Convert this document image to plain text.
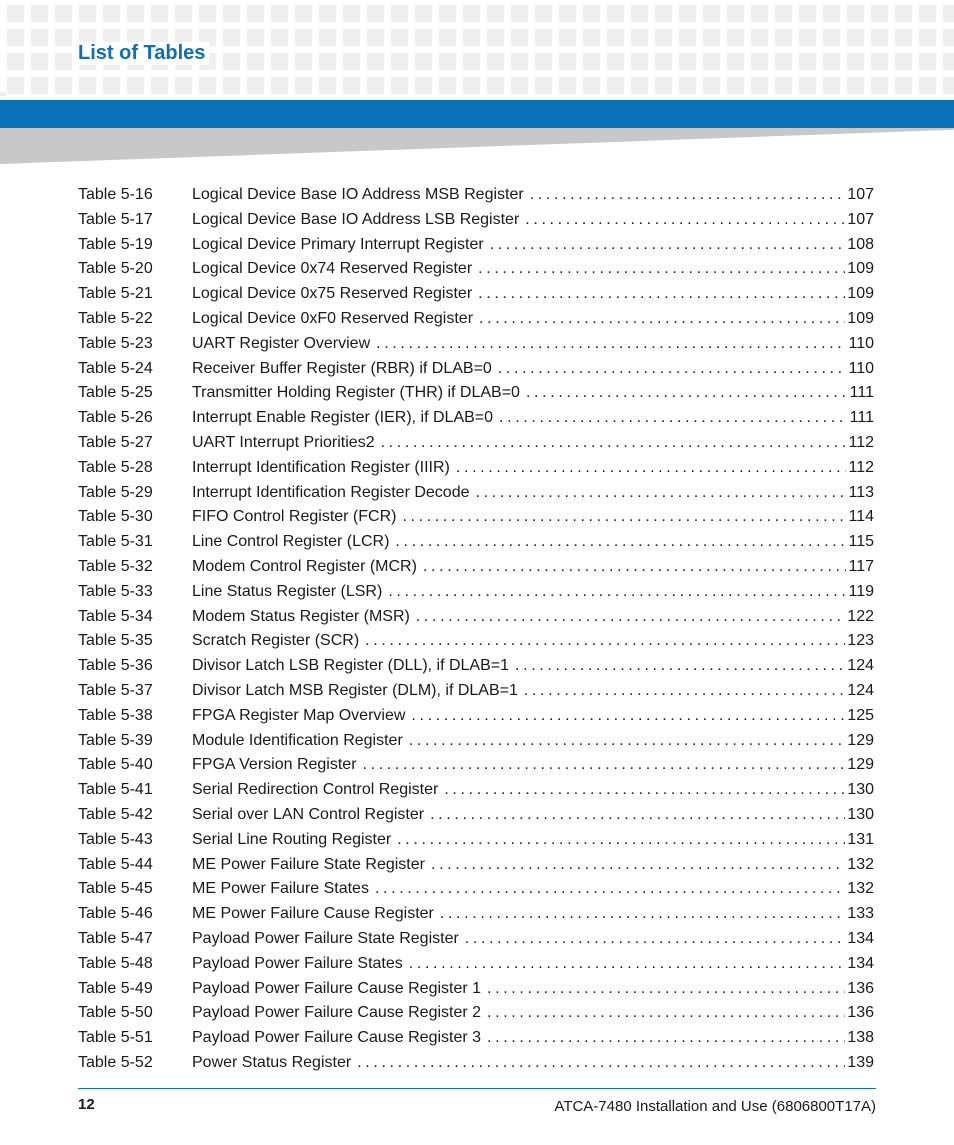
List of Tables
Table 5-16	Logical Device Base IO Address MSB Register . . .	107
Table 5-17	Logical Device Base IO Address LSB Register . . .	107
Table 5-19	Logical Device Primary Interrupt Register . . .	108
Table 5-20	Logical Device 0x74 Reserved Register . . .	109
Table 5-21	Logical Device 0x75 Reserved Register . . .	109
Table 5-22	Logical Device 0xF0 Reserved Register . . .	109
Table 5-23	UART Register Overview . . .	110
Table 5-24	Receiver Buffer Register (RBR) if DLAB=0 . . .	110
Table 5-25	Transmitter Holding Register (THR) if DLAB=0 . . .	111
Table 5-26	Interrupt Enable Register (IER), if DLAB=0 . . .	111
Table 5-27	UART Interrupt Priorities2 . . .	112
Table 5-28	Interrupt Identification Register (IIIR) . . .	112
Table 5-29	Interrupt Identification Register Decode . . .	113
Table 5-30	FIFO Control Register (FCR) . . .	114
Table 5-31	Line Control Register (LCR) . . .	115
Table 5-32	Modem Control Register (MCR) . . .	117
Table 5-33	Line Status Register (LSR) . . .	119
Table 5-34	Modem Status Register (MSR) . . .	122
Table 5-35	Scratch Register (SCR) . . .	123
Table 5-36	Divisor Latch LSB Register (DLL), if DLAB=1 . . .	124
Table 5-37	Divisor Latch MSB Register (DLM), if DLAB=1 . . .	124
Table 5-38	FPGA Register Map Overview . . .	125
Table 5-39	Module Identification Register . . .	129
Table 5-40	FPGA Version Register . . .	129
Table 5-41	Serial Redirection Control Register . . .	130
Table 5-42	Serial over LAN Control Register . . .	130
Table 5-43	Serial Line Routing Register . . .	131
Table 5-44	ME Power Failure State Register . . .	132
Table 5-45	ME Power Failure States . . .	132
Table 5-46	ME Power Failure Cause Register . . .	133
Table 5-47	Payload Power Failure State Register . . .	134
Table 5-48	Payload Power Failure States . . .	134
Table 5-49	Payload Power Failure Cause Register 1 . . .	136
Table 5-50	Payload Power Failure Cause Register 2 . . .	136
Table 5-51	Payload Power Failure Cause Register 3 . . .	138
Table 5-52	Power Status Register . . .	139
12	ATCA-7480 Installation and Use (6806800T17A)
